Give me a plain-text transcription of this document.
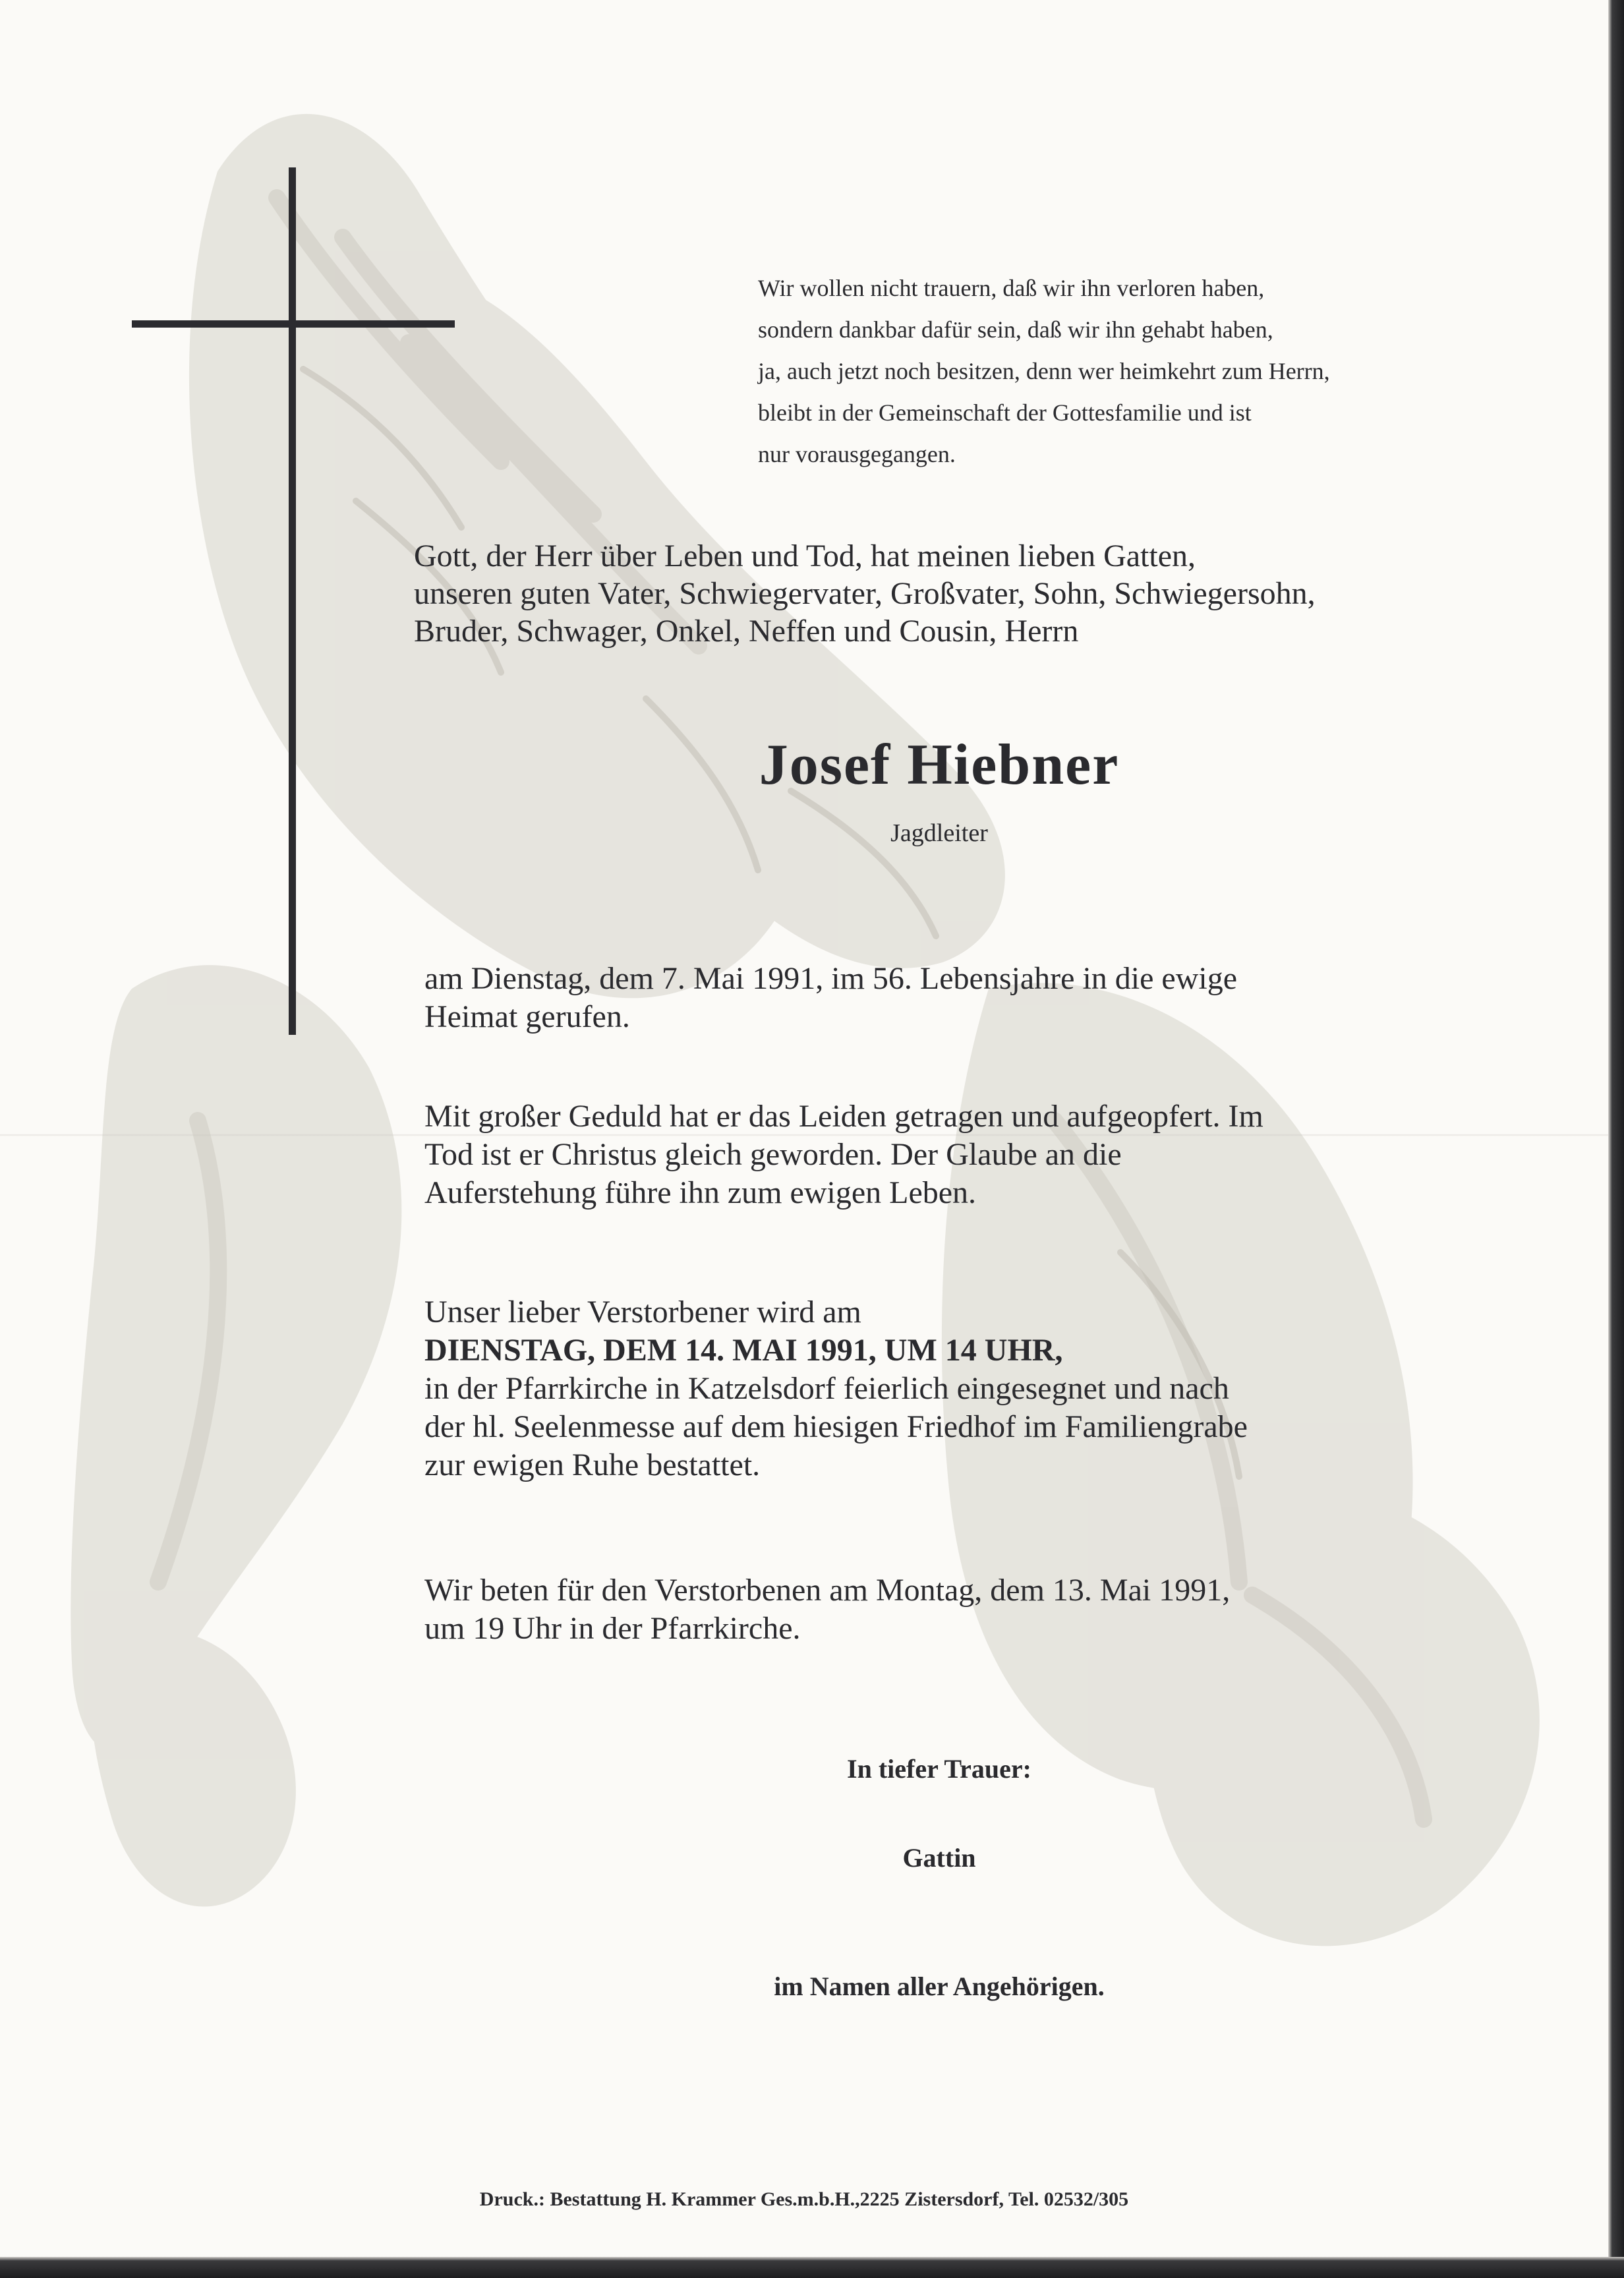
Wir wollen nicht trauern, daß wir ihn verloren haben,
sondern dankbar dafür sein, daß wir ihn gehabt haben,
ja, auch jetzt noch besitzen, denn wer heimkehrt zum Herrn,
bleibt in der Gemeinschaft der Gottesfamilie und ist
nur vorausgegangen.
Gott, der Herr über Leben und Tod, hat meinen lieben Gatten,
unseren guten Vater, Schwiegervater, Großvater, Sohn, Schwiegersohn,
Bruder, Schwager, Onkel, Neffen und Cousin, Herrn
Josef Hiebner
Jagdleiter
am Dienstag, dem 7. Mai 1991, im 56. Lebensjahre in die ewige
Heimat gerufen.
Mit großer Geduld hat er das Leiden getragen und aufgeopfert. Im
Tod ist er Christus gleich geworden. Der Glaube an die
Auferstehung führe ihn zum ewigen Leben.
Unser lieber Verstorbener wird am
DIENSTAG, DEM 14. MAI 1991, UM 14 UHR,
in der Pfarrkirche in Katzelsdorf feierlich eingesegnet und nach
der hl. Seelenmesse auf dem hiesigen Friedhof im Familiengrabe
zur ewigen Ruhe bestattet.
Wir beten für den Verstorbenen am Montag, dem 13. Mai 1991,
um 19 Uhr in der Pfarrkirche.
In tiefer Trauer:
Gattin
im Namen aller Angehörigen.
Druck.: Bestattung H. Krammer Ges.m.b.H.,2225 Zistersdorf, Tel. 02532/305
